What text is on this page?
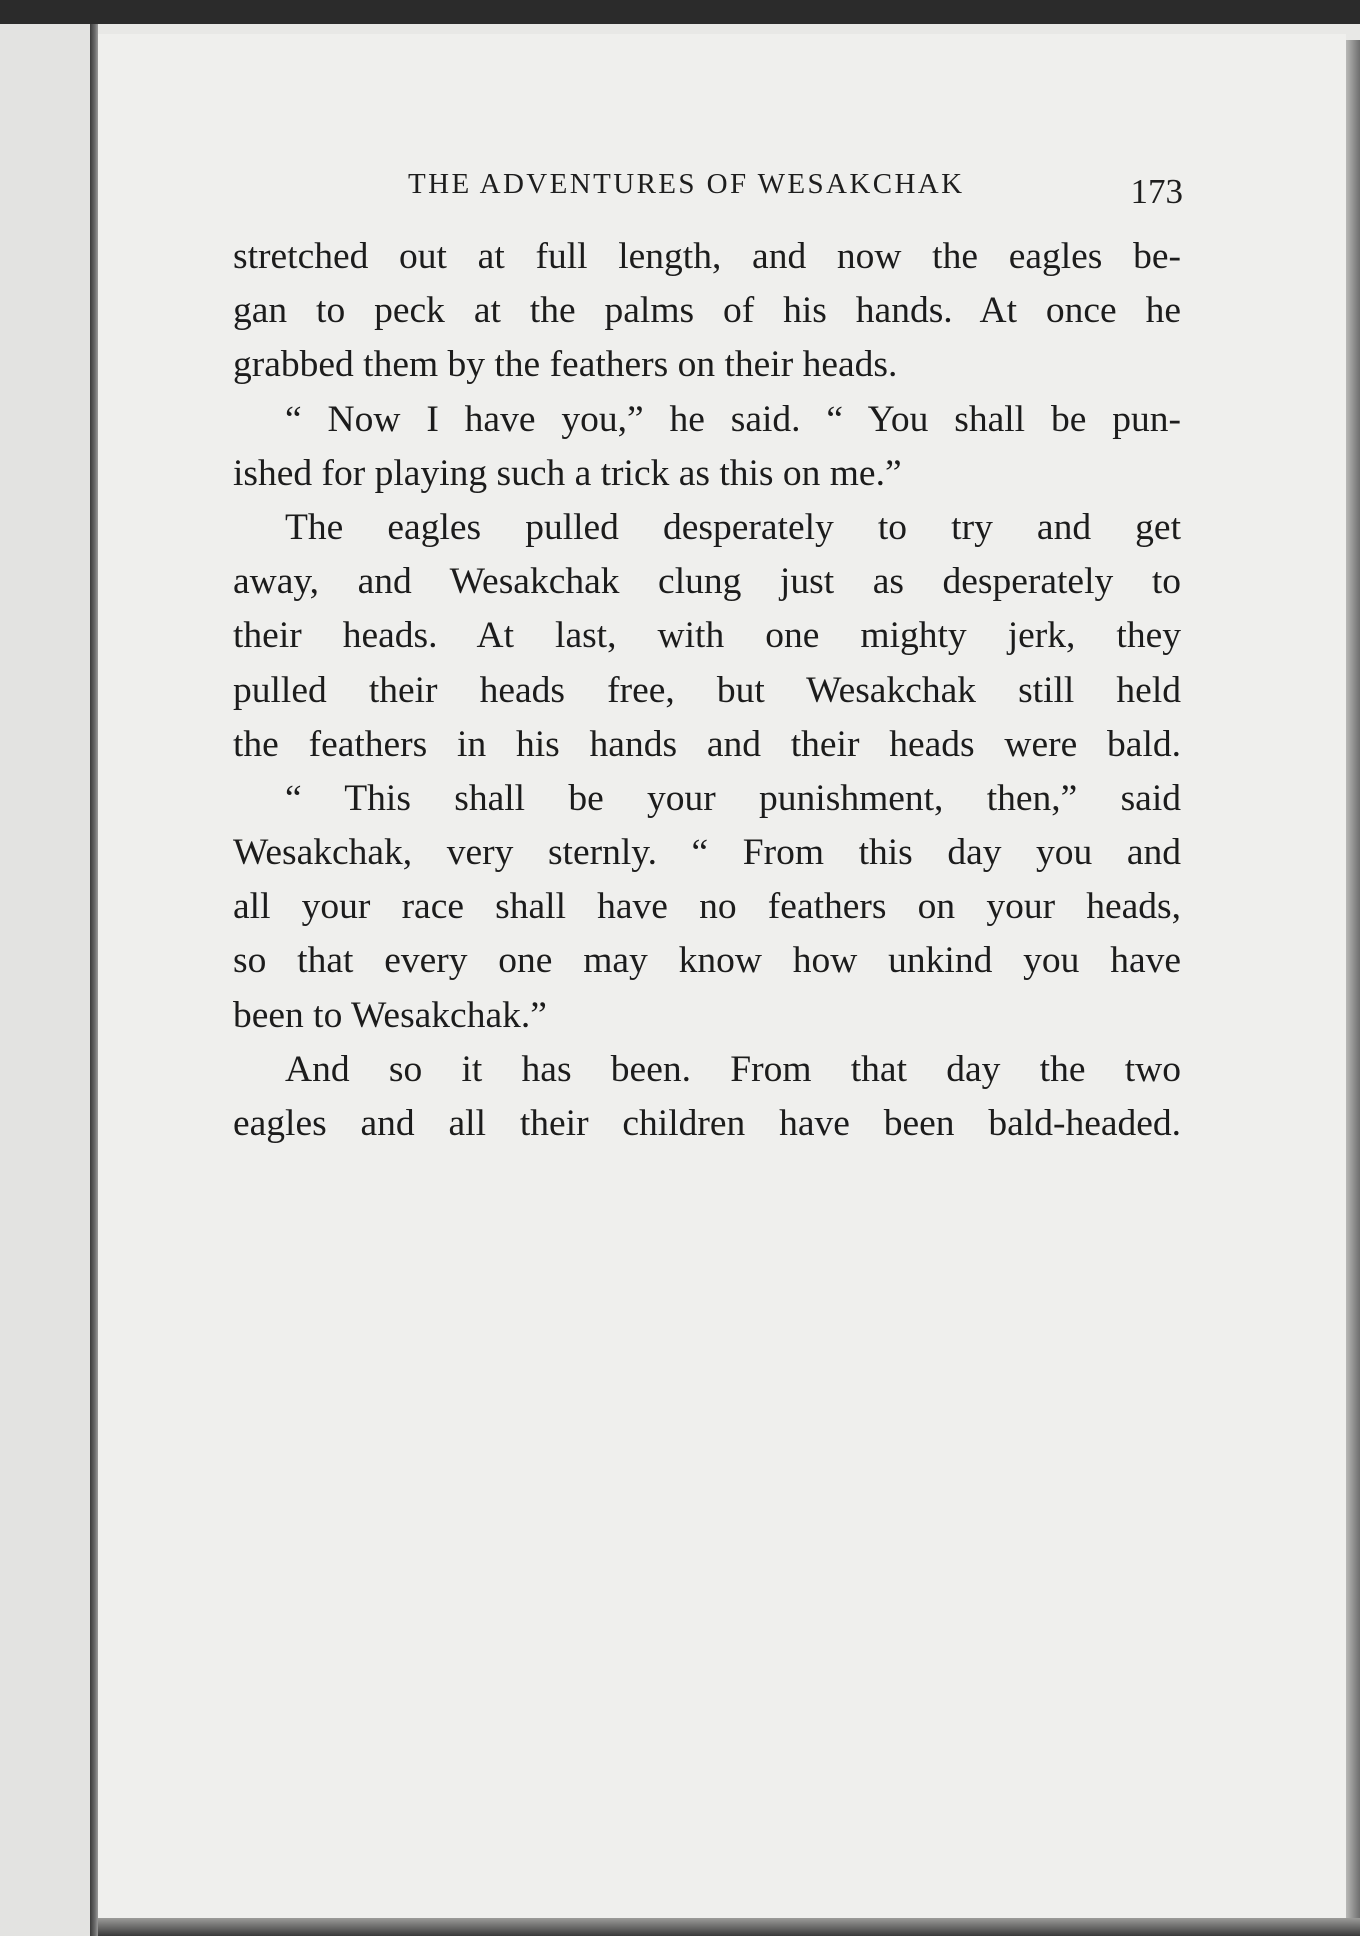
THE ADVENTURES OF WESAKCHAK	173
stretched out at full length, and now the eagles be-
gan to peck at the palms of his hands. At once he
grabbed them by the feathers on their heads.
“ Now I have you,” he said. “ You shall be pun-
ished for playing such a trick as this on me.”
The eagles pulled desperately to try and get
away, and Wesakchak clung just as desperately to
their heads. At last, with one mighty jerk, they
pulled their heads free, but Wesakchak still held
the feathers in his hands and their heads were bald.
“ This shall be your punishment, then,” said
Wesakchak, very sternly. “ From this day you and
all your race shall have no feathers on your heads,
so that every one may know how unkind you have
been to Wesakchak.”
And so it has been. From that day the two
eagles and all their children have been bald-headed.
